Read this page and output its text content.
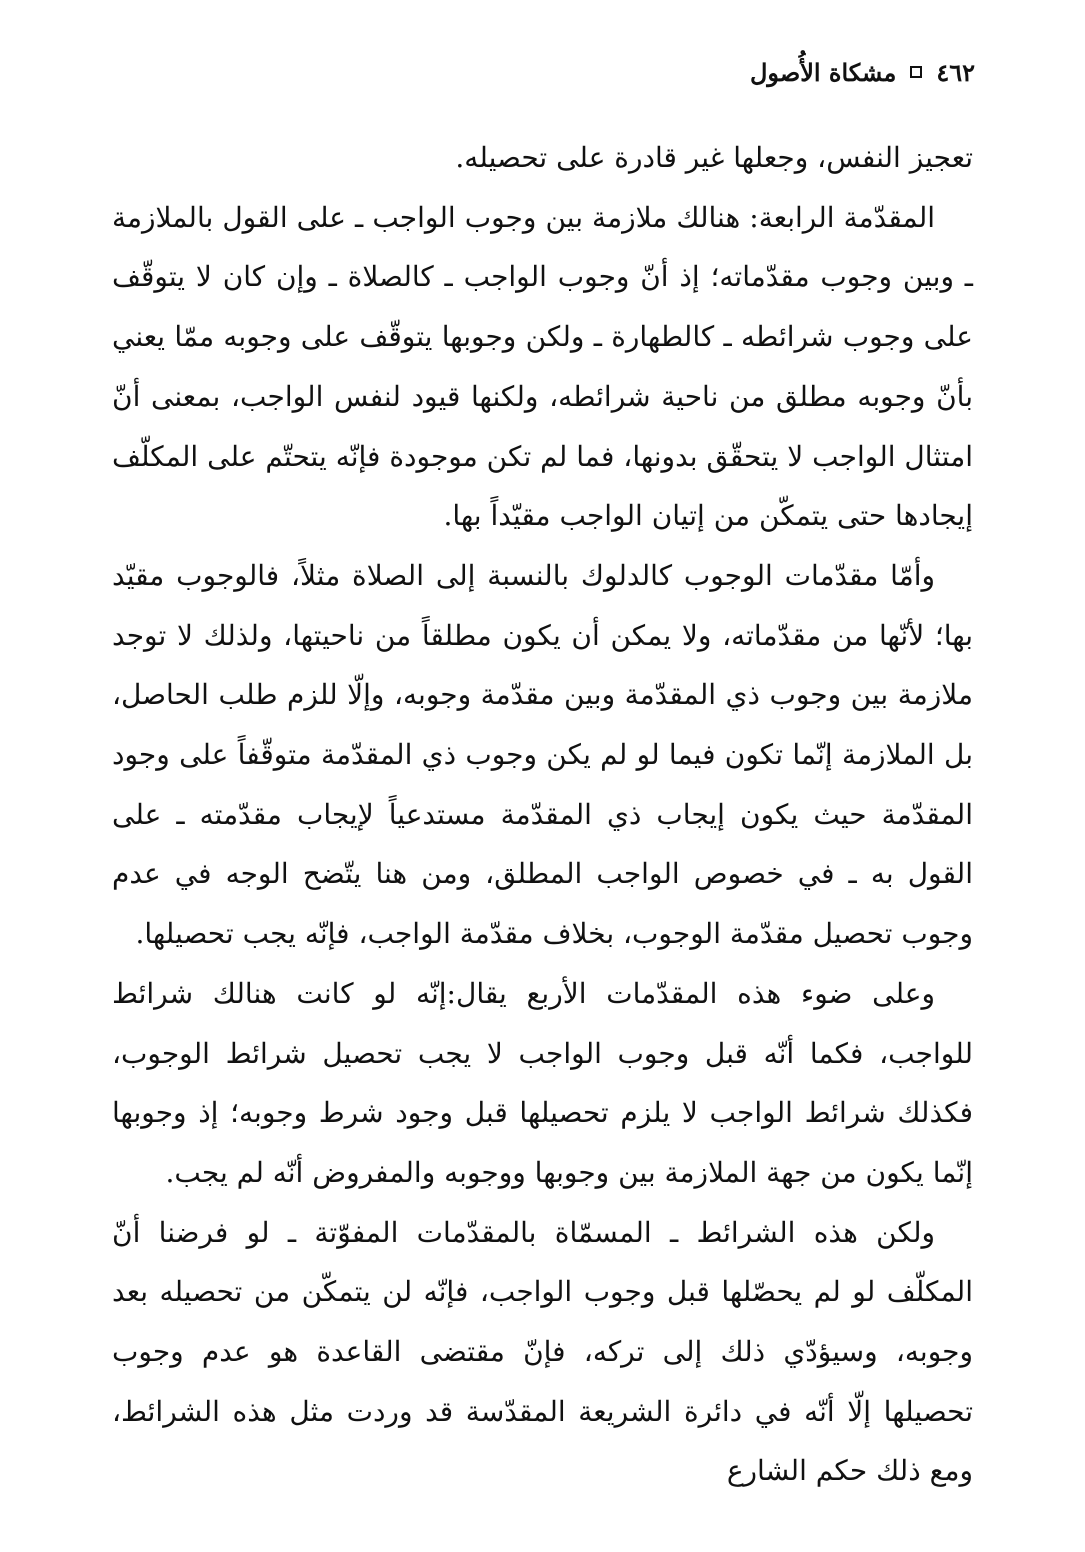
٤٦٢
مشكاة الأُصول

تعجيز النفس، وجعلها غير قادرة على تحصيله.

المقدّمة الرابعة: هنالك ملازمة بين وجوب الواجب ـ على القول بالملازمة ـ وبين وجوب مقدّماته؛ إذ أنّ وجوب الواجب ـ كالصلاة ـ وإن كان لا يتوقّف على وجوب شرائطه ـ كالطهارة ـ ولكن وجوبها يتوقّف على وجوبه ممّا يعني بأنّ وجوبه مطلق من ناحية شرائطه، ولكنها قيود لنفس الواجب، بمعنى أنّ امتثال الواجب لا يتحقّق بدونها، فما لم تكن موجودة فإنّه يتحتّم على المكلّف إيجادها حتى يتمكّن من إتيان الواجب مقيّداً بها.

وأمّا مقدّمات الوجوب كالدلوك بالنسبة إلى الصلاة مثلاً، فالوجوب مقيّد بها؛ لأنّها من مقدّماته، ولا يمكن أن يكون مطلقاً من ناحيتها، ولذلك لا توجد ملازمة بين وجوب ذي المقدّمة وبين مقدّمة وجوبه، وإلّا للزم طلب الحاصل، بل الملازمة إنّما تكون فيما لو لم يكن وجوب ذي المقدّمة متوقّفاً على وجود المقدّمة حيث يكون إيجاب ذي المقدّمة مستدعياً لإيجاب مقدّمته ـ على القول به ـ في خصوص الواجب المطلق، ومن هنا يتّضح الوجه في عدم وجوب تحصيل مقدّمة الوجوب، بخلاف مقدّمة الواجب، فإنّه يجب تحصيلها.

وعلى ضوء هذه المقدّمات الأربع يقال:إنّه لو كانت هنالك شرائط للواجب، فكما أنّه قبل وجوب الواجب لا يجب تحصيل شرائط الوجوب، فكذلك شرائط الواجب لا يلزم تحصيلها قبل وجود شرط وجوبه؛ إذ وجوبها إنّما يكون من جهة الملازمة بين وجوبها ووجوبه والمفروض أنّه لم يجب.

ولكن هذه الشرائط ـ المسمّاة بالمقدّمات المفوّتة ـ لو فرضنا أنّ المكلّف لو لم يحصّلها قبل وجوب الواجب، فإنّه لن يتمكّن من تحصيله بعد وجوبه، وسيؤدّي ذلك إلى تركه، فإنّ مقتضى القاعدة هو عدم وجوب تحصيلها إلّا أنّه في دائرة الشريعة المقدّسة قد وردت مثل هذه الشرائط، ومع ذلك حكم الشارع
